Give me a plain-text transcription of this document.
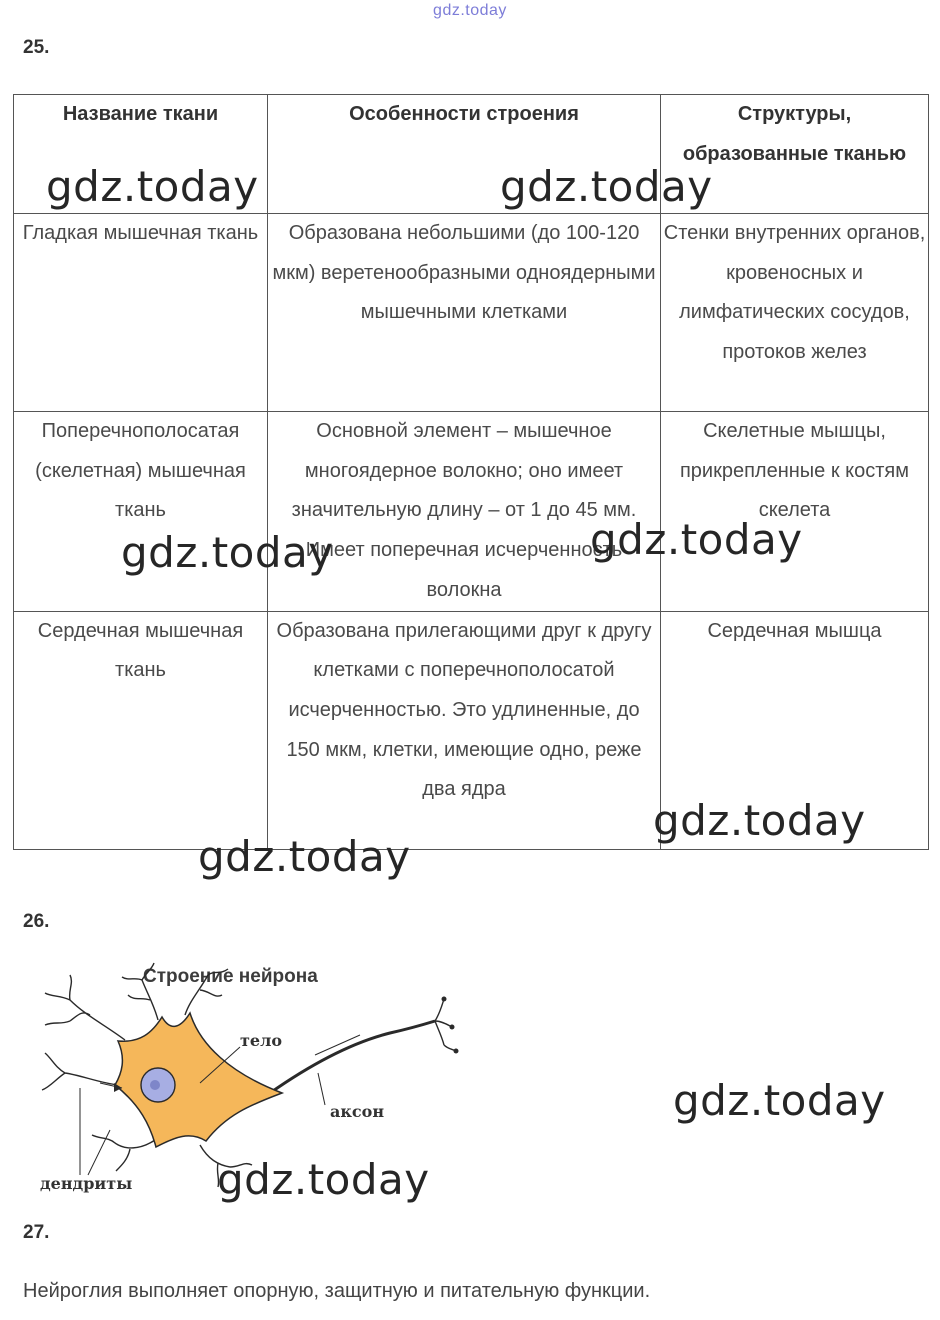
gdz.today
25.
Название ткани	Особенности строения	Структуры, образованные тканью
Гладкая мышечная ткань	Образована небольшими (до 100-120 мкм) веретенообразными одноядерными мышечными клетками	Стенки внутренних органов, кровеносных и лимфатических сосудов, протоков желез
Поперечнополосатая (скелетная) мышечная ткань	Основной элемент – мышечное многоядерное волокно; оно имеет значительную длину – от 1 до 45 мм. Имеет поперечная исчерченность волокна	Скелетные мышцы, прикрепленные к костям скелета
Сердечная мышечная ткань	Образована прилегающими друг к другу клетками с поперечнополосатой исчерченностью. Это удлиненные, до 150 мкм, клетки, имеющие одно, реже два ядра	Сердечная мышца
26.
Строение нейрона
тело
аксон
дендриты
27.
Нейроглия выполняет опорную, защитную и питательную функции.
gdz.today	gdz.today
gdz.today	gdz.today
gdz.today
gdz.today
gdz.today
gdz.today
